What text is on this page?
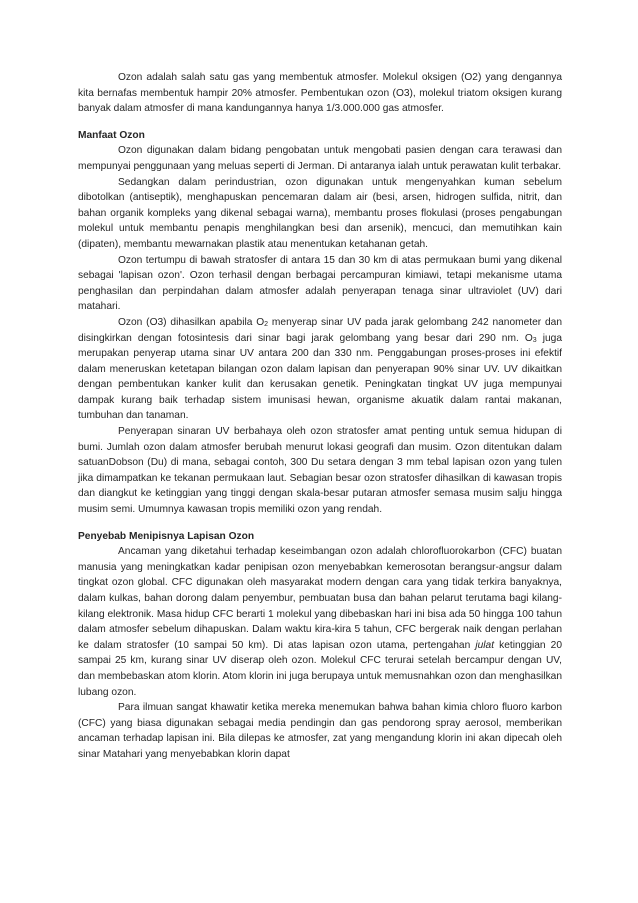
Ozon adalah salah satu gas yang membentuk atmosfer. Molekul oksigen (O2) yang dengannya kita bernafas membentuk hampir 20% atmosfer. Pembentukan ozon (O3), molekul triatom oksigen kurang banyak dalam atmosfer di mana kandungannya hanya 1/3.000.000 gas atmosfer.

Manfaat Ozon

Ozon digunakan dalam bidang pengobatan untuk mengobati pasien dengan cara terawasi dan mempunyai penggunaan yang meluas seperti di Jerman. Di antaranya ialah untuk perawatan kulit terbakar.

Sedangkan dalam perindustrian, ozon digunakan untuk mengenyahkan kuman sebelum dibotolkan (antiseptik), menghapuskan pencemaran dalam air (besi, arsen, hidrogen sulfida, nitrit, dan bahan organik kompleks yang dikenal sebagai warna), membantu proses flokulasi (proses pengabungan molekul untuk membantu penapis menghilangkan besi dan arsenik), mencuci, dan memutihkan kain (dipaten), membantu mewarnakan plastik atau menentukan ketahanan getah.

Ozon tertumpu di bawah stratosfer di antara 15 dan 30 km di atas permukaan bumi yang dikenal sebagai 'lapisan ozon'. Ozon terhasil dengan berbagai percampuran kimiawi, tetapi mekanisme utama penghasilan dan perpindahan dalam atmosfer adalah penyerapan tenaga sinar ultraviolet (UV) dari matahari.

Ozon (O3) dihasilkan apabila $O_2$ menyerap sinar UV pada jarak gelombang 242 nanometer dan disingkirkan dengan fotosintesis dari sinar bagi jarak gelombang yang besar dari 290 nm. $O_3$ juga merupakan penyerap utama sinar UV antara 200 dan 330 nm. Penggabungan proses-proses ini efektif dalam meneruskan ketetapan bilangan ozon dalam lapisan dan penyerapan 90% sinar UV. UV dikaitkan dengan pembentukan kanker kulit dan kerusakan genetik. Peningkatan tingkat UV juga mempunyai dampak kurang baik terhadap sistem imunisasi hewan, organisme akuatik dalam rantai makanan, tumbuhan dan tanaman.

Penyerapan sinaran UV berbahaya oleh ozon stratosfer amat penting untuk semua hidupan di bumi. Jumlah ozon dalam atmosfer berubah menurut lokasi geografi dan musim. Ozon ditentukan dalam satuanDobson (Du) di mana, sebagai contoh, 300 Du setara dengan 3 mm tebal lapisan ozon yang tulen jika dimampatkan ke tekanan permukaan laut. Sebagian besar ozon stratosfer dihasilkan di kawasan tropis dan diangkut ke ketinggian yang tinggi dengan skala-besar putaran atmosfer semasa musim salju hingga musim semi. Umumnya kawasan tropis memiliki ozon yang rendah.

Penyebab Menipisnya Lapisan Ozon

Ancaman yang diketahui terhadap keseimbangan ozon adalah chlorofluorokarbon (CFC) buatan manusia yang meningkatkan kadar penipisan ozon menyebabkan kemerosotan berangsur-angsur dalam tingkat ozon global. CFC digunakan oleh masyarakat modern dengan cara yang tidak terkira banyaknya, dalam kulkas, bahan dorong dalam penyembur, pembuatan busa dan bahan pelarut terutama bagi kilang-kilang elektronik. Masa hidup CFC berarti 1 molekul yang dibebaskan hari ini bisa ada 50 hingga 100 tahun dalam atmosfer sebelum dihapuskan. Dalam waktu kira-kira 5 tahun, CFC bergerak naik dengan perlahan ke dalam stratosfer (10 sampai 50 km). Di atas lapisan ozon utama, pertengahan julat ketinggian 20 sampai 25 km, kurang sinar UV diserap oleh ozon. Molekul CFC terurai setelah bercampur dengan UV, dan membebaskan atom klorin. Atom klorin ini juga berupaya untuk memusnahkan ozon dan menghasilkan lubang ozon.

Para ilmuan sangat khawatir ketika mereka menemukan bahwa bahan kimia chloro fluoro karbon (CFC) yang biasa digunakan sebagai media pendingin dan gas pendorong spray aerosol, memberikan ancaman terhadap lapisan ini. Bila dilepas ke atmosfer, zat yang mengandung klorin ini akan dipecah oleh sinar Matahari yang menyebabkan klorin dapat
